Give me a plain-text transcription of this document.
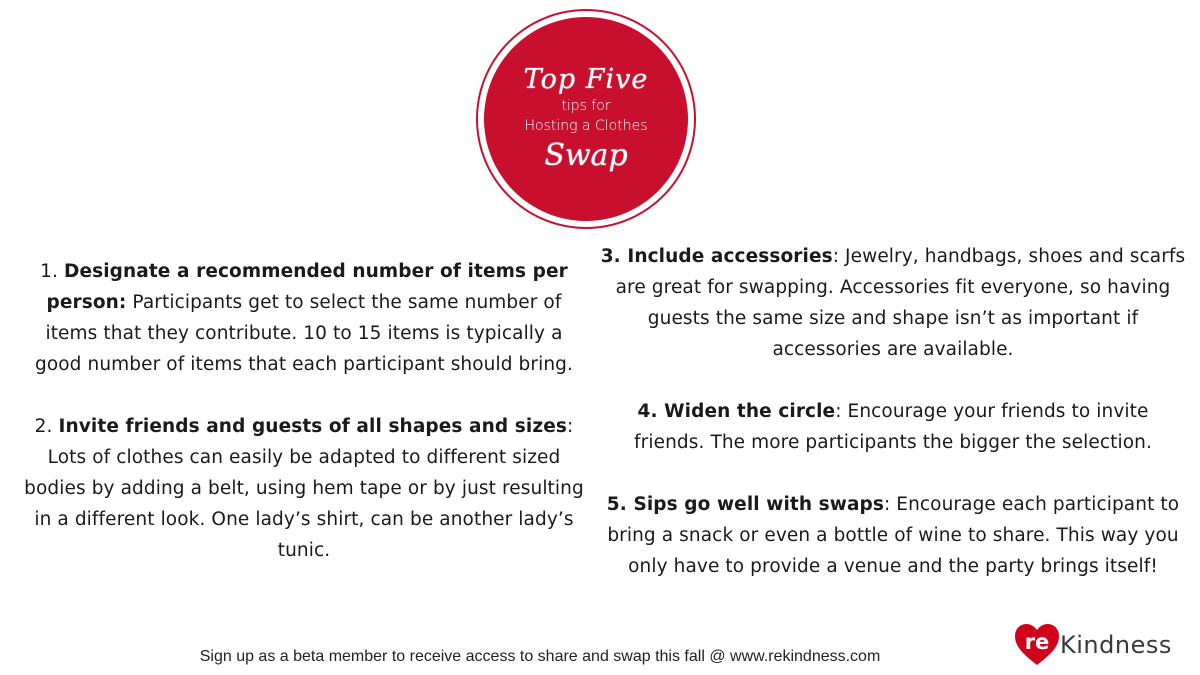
Top Five
tips for
Hosting a Clothes
Swap

1. Designate a recommended number of items per person: Participants get to select the same number of items that they contribute. 10 to 15 items is typically a good number of items that each participant should bring.

2. Invite friends and guests of all shapes and sizes: Lots of clothes can easily be adapted to different sized bodies by adding a belt, using hem tape or by just resulting in a different look. One lady’s shirt, can be another lady’s tunic.

3. Include accessories: Jewelry, handbags, shoes and scarfs are great for swapping. Accessories fit everyone, so having guests the same size and shape isn’t as important if accessories are available.

4. Widen the circle: Encourage your friends to invite friends. The more participants the bigger the selection.

5. Sips go well with swaps: Encourage each participant to bring a snack or even a bottle of wine to share. This way you only have to provide a venue and the party brings itself!

Sign up as a beta member to receive access to share and swap this fall @ www.rekindness.com
re Kindness
